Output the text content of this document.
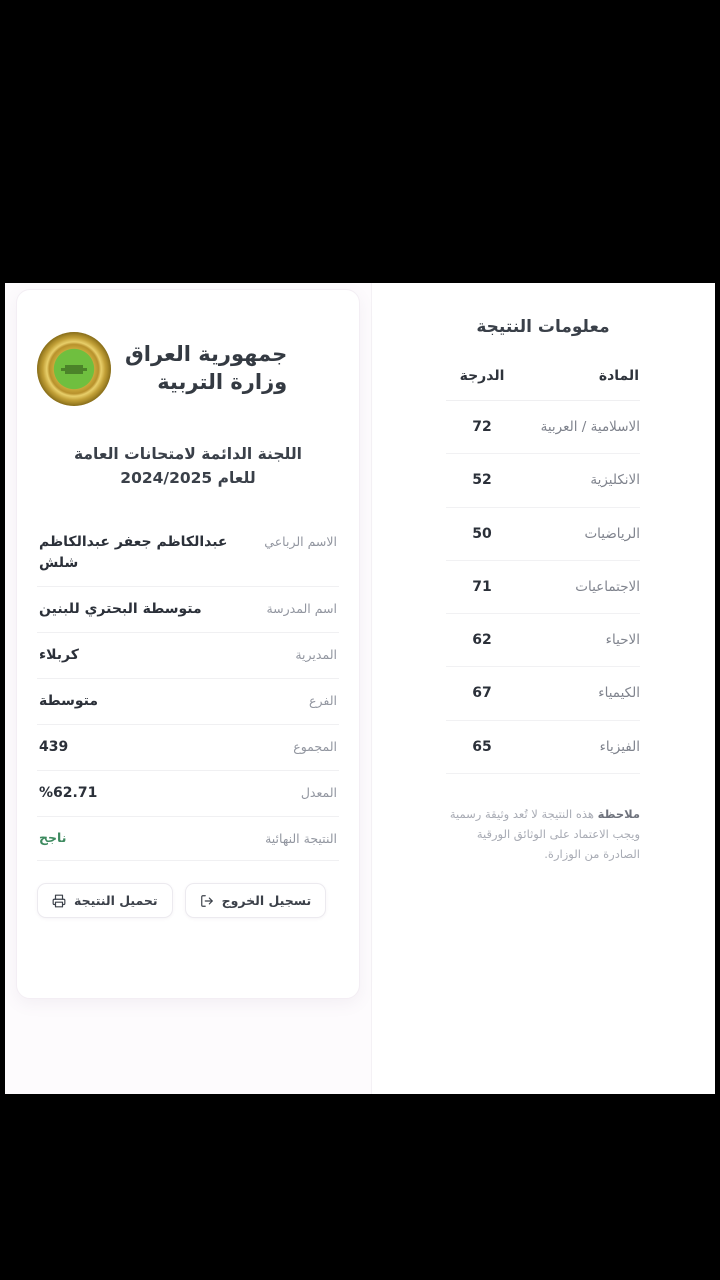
جمهورية العراق
وزارة التربية
اللجنة الدائمة لامتحانات العامة
للعام 2024/2025
الاسم الرباعي
عبدالكاظم جعفر عبدالكاظم شلش
اسم المدرسة
متوسطة البحتري للبنين
المديرية
كربلاء
الفرع
متوسطة
المجموع
439
المعدل
%62.71
النتيجة النهائية
ناجح
تحميل النتيجة	تسجيل الخروج
معلومات النتيجة
المادة	الدرجة
الاسلامية / العربية	72
الانكليزية	52
الرياضيات	50
الاجتماعيات	71
الاحياء	62
الكيمياء	67
الفيزياء	65
ملاحظة هذه النتيجة لا تُعد وثيقة رسمية ويجب الاعتماد على الوثائق الورقية الصادرة من الوزارة.
